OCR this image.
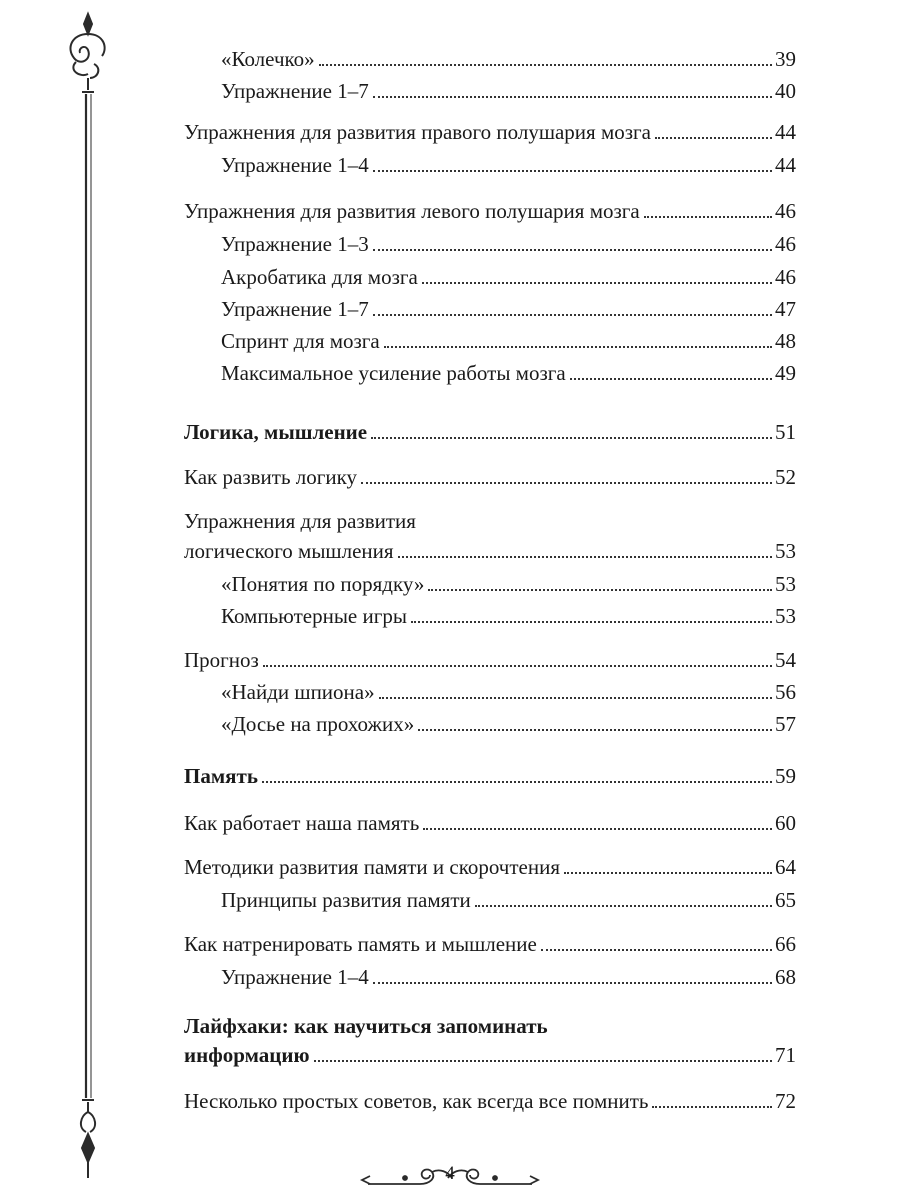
«Колечко»	39
Упражнение 1–7	40
Упражнения для развития правого полушария мозга	44
Упражнение 1–4	44
Упражнения для развития левого полушария мозга	46
Упражнение 1–3	46
Акробатика для мозга	46
Упражнение 1–7	47
Спринт для мозга	48
Максимальное усиление работы мозга	49
Логика, мышление	51
Как развить логику	52
Упражнения для развития
логического мышления	53
«Понятия по порядку»	53
Компьютерные игры	53
Прогноз	54
«Найди шпиона»	56
«Досье на прохожих»	57
Память	59
Как работает наша память	60
Методики развития памяти и скорочтения	64
Принципы развития памяти	65
Как натренировать память и мышление	66
Упражнение 1–4	68
Лайфхаки: как научиться запоминать
информацию	71
Несколько простых советов, как всегда все помнить	72
4
